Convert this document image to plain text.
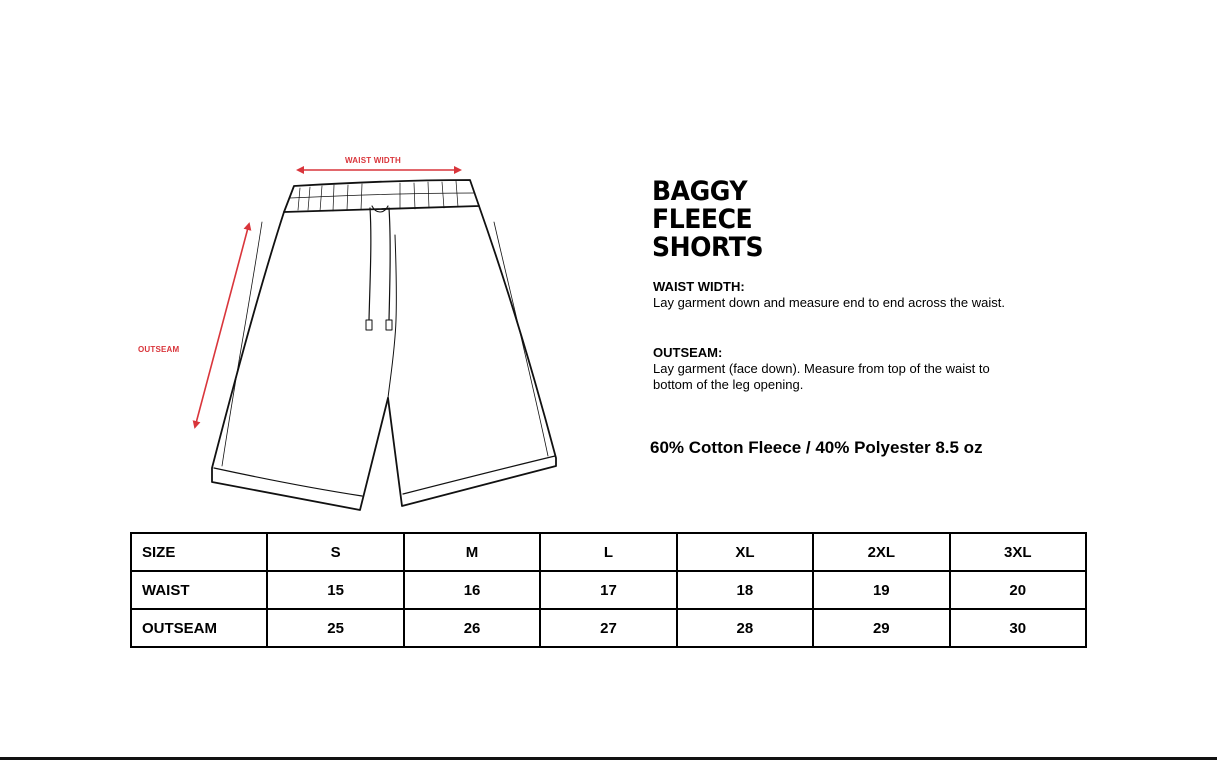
WAIST WIDTH
OUTSEAM
BAGGY
FLEECE
SHORTS
WAIST WIDTH:
Lay garment down and measure end to end across the waist.
OUTSEAM:
Lay garment (face down). Measure from top of the waist to bottom of the leg opening.
60% Cotton Fleece / 40% Polyester 8.5 oz
SIZE	S	M	L	XL	2XL	3XL
WAIST	15	16	17	18	19	20
OUTSEAM	25	26	27	28	29	30
